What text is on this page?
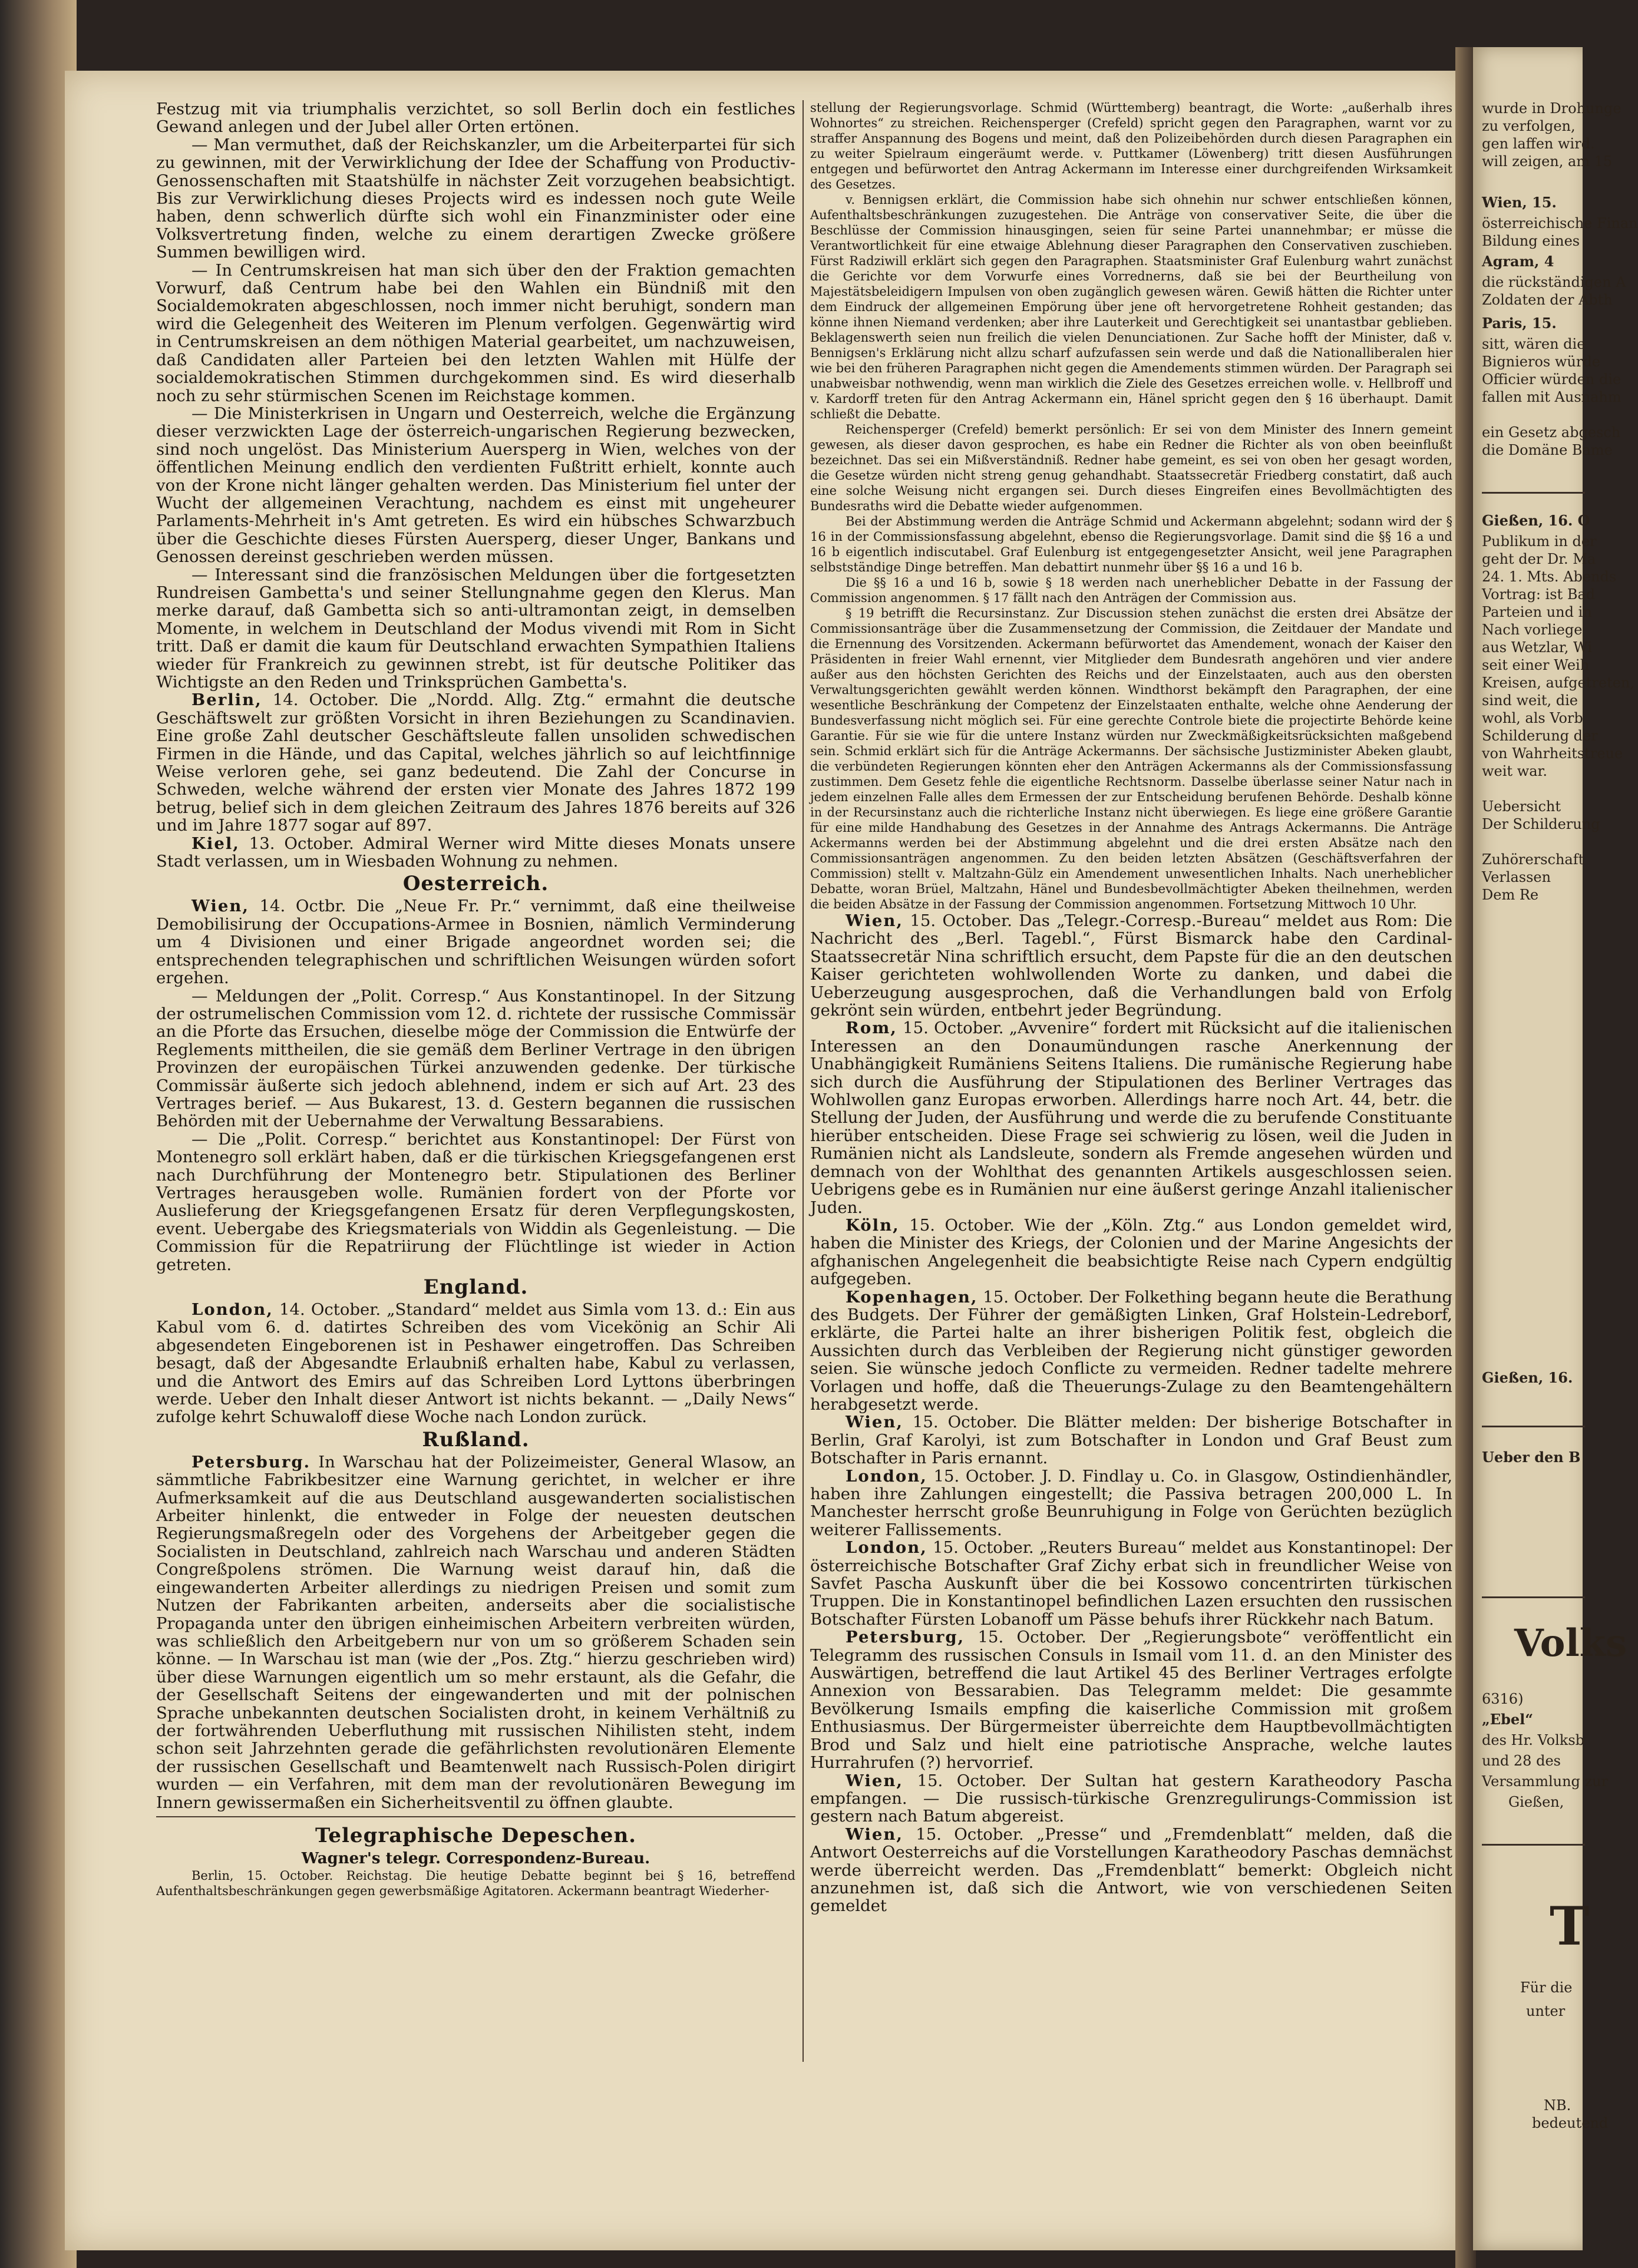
Festzug mit via triumphalis verzichtet, so soll Berlin doch ein festliches Gewand anlegen und der Jubel aller Orten ertönen.

— Man vermuthet, daß der Reichskanzler, um die Arbeiterpartei für sich zu gewinnen, mit der Verwirklichung der Idee der Schaffung von Productiv-Genossenschaften mit Staatshülfe in nächster Zeit vorzugehen beabsichtigt. Bis zur Verwirklichung dieses Projects wird es indessen noch gute Weile haben, denn schwerlich dürfte sich wohl ein Finanzminister oder eine Volksvertretung finden, welche zu einem derartigen Zwecke größere Summen bewilligen wird.

— In Centrumskreisen hat man sich über den der Fraktion gemachten Vorwurf, daß Centrum habe bei den Wahlen ein Bündniß mit den Socialdemokraten abgeschlossen, noch immer nicht beruhigt, sondern man wird die Gelegenheit des Weiteren im Plenum verfolgen. Gegenwärtig wird in Centrumskreisen an dem nöthigen Material gearbeitet, um nachzuweisen, daß Candidaten aller Parteien bei den letzten Wahlen mit Hülfe der socialdemokratischen Stimmen durchgekommen sind. Es wird dieserhalb noch zu sehr stürmischen Scenen im Reichstage kommen.

— Die Ministerkrisen in Ungarn und Oesterreich, welche die Ergänzung dieser verzwickten Lage der österreich-ungarischen Regierung bezwecken, sind noch ungelöst. Das Ministerium Auersperg in Wien, welches von der öffentlichen Meinung endlich den verdienten Fußtritt erhielt, konnte auch von der Krone nicht länger gehalten werden. Das Ministerium fiel unter der Wucht der allgemeinen Verachtung, nachdem es einst mit ungeheurer Parlaments-Mehrheit in's Amt getreten. Es wird ein hübsches Schwarzbuch über die Geschichte dieses Fürsten Auersperg, dieser Unger, Bankans und Genossen dereinst geschrieben werden müssen.

— Interessant sind die französischen Meldungen über die fortgesetzten Rundreisen Gambetta's und seiner Stellungnahme gegen den Klerus. Man merke darauf, daß Gambetta sich so anti-ultramontan zeigt, in demselben Momente, in welchem in Deutschland der Modus vivendi mit Rom in Sicht tritt. Daß er damit die kaum für Deutschland erwachten Sympathien Italiens wieder für Frankreich zu gewinnen strebt, ist für deutsche Politiker das Wichtigste an den Reden und Trinksprüchen Gambetta's.

Berlin, 14. October. Die „Nordd. Allg. Ztg.“ ermahnt die deutsche Geschäftswelt zur größten Vorsicht in ihren Beziehungen zu Scandinavien. Eine große Zahl deutscher Geschäftsleute fallen unsoliden schwedischen Firmen in die Hände, und das Capital, welches jährlich so auf leichtfinnige Weise verloren gehe, sei ganz bedeutend. Die Zahl der Concurse in Schweden, welche während der ersten vier Monate des Jahres 1872 199 betrug, belief sich in dem gleichen Zeitraum des Jahres 1876 bereits auf 326 und im Jahre 1877 sogar auf 897.

Kiel, 13. October. Admiral Werner wird Mitte dieses Monats unsere Stadt verlassen, um in Wiesbaden Wohnung zu nehmen.

Oesterreich.

Wien, 14. Octbr. Die „Neue Fr. Pr.“ vernimmt, daß eine theilweise Demobilisirung der Occupations-Armee in Bosnien, nämlich Verminderung um 4 Divisionen und einer Brigade angeordnet worden sei; die entsprechenden telegraphischen und schriftlichen Weisungen würden sofort ergehen.

— Meldungen der „Polit. Corresp.“ Aus Konstantinopel. In der Sitzung der ostrumelischen Commission vom 12. d. richtete der russische Commissär an die Pforte das Ersuchen, dieselbe möge der Commission die Entwürfe der Reglements mittheilen, die sie gemäß dem Berliner Vertrage in den übrigen Provinzen der europäischen Türkei anzuwenden gedenke. Der türkische Commissär äußerte sich jedoch ablehnend, indem er sich auf Art. 23 des Vertrages berief. — Aus Bukarest, 13. d. Gestern begannen die russischen Behörden mit der Uebernahme der Verwaltung Bessarabiens.

— Die „Polit. Corresp.“ berichtet aus Konstantinopel: Der Fürst von Montenegro soll erklärt haben, daß er die türkischen Kriegsgefangenen erst nach Durchführung der Montenegro betr. Stipulationen des Berliner Vertrages herausgeben wolle. Rumänien fordert von der Pforte vor Auslieferung der Kriegsgefangenen Ersatz für deren Verpflegungskosten, event. Uebergabe des Kriegsmaterials von Widdin als Gegenleistung. — Die Commission für die Repatriirung der Flüchtlinge ist wieder in Action getreten.

England.

London, 14. October. „Standard“ meldet aus Simla vom 13. d.: Ein aus Kabul vom 6. d. datirtes Schreiben des vom Vicekönig an Schir Ali abgesendeten Eingeborenen ist in Peshawer eingetroffen. Das Schreiben besagt, daß der Abgesandte Erlaubniß erhalten habe, Kabul zu verlassen, und die Antwort des Emirs auf das Schreiben Lord Lyttons überbringen werde. Ueber den Inhalt dieser Antwort ist nichts bekannt. — „Daily News“ zufolge kehrt Schuwaloff diese Woche nach London zurück.

Rußland.

Petersburg. In Warschau hat der Polizeimeister, General Wlasow, an sämmtliche Fabrikbesitzer eine Warnung gerichtet, in welcher er ihre Aufmerksamkeit auf die aus Deutschland ausgewanderten socialistischen Arbeiter hinlenkt, die entweder in Folge der neuesten deutschen Regierungsmaßregeln oder des Vorgehens der Arbeitgeber gegen die Socialisten in Deutschland, zahlreich nach Warschau und anderen Städten Congreßpolens strömen. Die Warnung weist darauf hin, daß die eingewanderten Arbeiter allerdings zu niedrigen Preisen und somit zum Nutzen der Fabrikanten arbeiten, anderseits aber die socialistische Propaganda unter den übrigen einheimischen Arbeitern verbreiten würden, was schließlich den Arbeitgebern nur von um so größerem Schaden sein könne. — In Warschau ist man (wie der „Pos. Ztg.“ hierzu geschrieben wird) über diese Warnungen eigentlich um so mehr erstaunt, als die Gefahr, die der Gesellschaft Seitens der eingewanderten und mit der polnischen Sprache unbekannten deutschen Socialisten droht, in keinem Verhältniß zu der fortwährenden Ueberfluthung mit russischen Nihilisten steht, indem schon seit Jahrzehnten gerade die gefährlichsten revolutionären Elemente der russischen Gesellschaft und Beamtenwelt nach Russisch-Polen dirigirt wurden — ein Verfahren, mit dem man der revolutionären Bewegung im Innern gewissermaßen ein Sicherheitsventil zu öffnen glaubte.

Telegraphische Depeschen.
Wagner's telegr. Correspondenz-Bureau.

Berlin, 15. October. Reichstag. Die heutige Debatte beginnt bei § 16, betreffend Aufenthaltsbeschränkungen gegen gewerbsmäßige Agitatoren. Ackermann beantragt Wiederher-

stellung der Regierungsvorlage. Schmid (Württemberg) beantragt, die Worte: „außerhalb ihres Wohnortes“ zu streichen. Reichensperger (Crefeld) spricht gegen den Paragraphen, warnt vor zu straffer Anspannung des Bogens und meint, daß den Polizeibehörden durch diesen Paragraphen ein zu weiter Spielraum eingeräumt werde. v. Puttkamer (Löwenberg) tritt diesen Ausführungen entgegen und befürwortet den Antrag Ackermann im Interesse einer durchgreifenden Wirksamkeit des Gesetzes.

v. Bennigsen erklärt, die Commission habe sich ohnehin nur schwer entschließen können, Aufenthaltsbeschränkungen zuzugestehen. Die Anträge von conservativer Seite, die über die Beschlüsse der Commission hinausgingen, seien für seine Partei unannehmbar; er müsse die Verantwortlichkeit für eine etwaige Ablehnung dieser Paragraphen den Conservativen zuschieben. Fürst Radziwill erklärt sich gegen den Paragraphen. Staatsminister Graf Eulenburg wahrt zunächst die Gerichte vor dem Vorwurfe eines Vorrednerns, daß sie bei der Beurtheilung von Majestätsbeleidigern Impulsen von oben zugänglich gewesen wären. Gewiß hätten die Richter unter dem Eindruck der allgemeinen Empörung über jene oft hervorgetretene Rohheit gestanden; das könne ihnen Niemand verdenken; aber ihre Lauterkeit und Gerechtigkeit sei unantastbar geblieben. Beklagenswerth seien nun freilich die vielen Denunciationen. Zur Sache hofft der Minister, daß v. Bennigsen's Erklärung nicht allzu scharf aufzufassen sein werde und daß die Nationalliberalen hier wie bei den früheren Paragraphen nicht gegen die Amendements stimmen würden. Der Paragraph sei unabweisbar nothwendig, wenn man wirklich die Ziele des Gesetzes erreichen wolle. v. Hellbroff und v. Kardorff treten für den Antrag Ackermann ein, Hänel spricht gegen den § 16 überhaupt. Damit schließt die Debatte.

Reichensperger (Crefeld) bemerkt persönlich: Er sei von dem Minister des Innern gemeint gewesen, als dieser davon gesprochen, es habe ein Redner die Richter als von oben beeinflußt bezeichnet. Das sei ein Mißverständniß. Redner habe gemeint, es sei von oben her gesagt worden, die Gesetze würden nicht streng genug gehandhabt. Staatssecretär Friedberg constatirt, daß auch eine solche Weisung nicht ergangen sei. Durch dieses Eingreifen eines Bevollmächtigten des Bundesraths wird die Debatte wieder aufgenommen.

Bei der Abstimmung werden die Anträge Schmid und Ackermann abgelehnt; sodann wird der § 16 in der Commissionsfassung abgelehnt, ebenso die Regierungsvorlage. Damit sind die §§ 16 a und 16 b eigentlich indiscutabel. Graf Eulenburg ist entgegengesetzter Ansicht, weil jene Paragraphen selbstständige Dinge betreffen. Man debattirt nunmehr über §§ 16 a und 16 b.

Die §§ 16 a und 16 b, sowie § 18 werden nach unerheblicher Debatte in der Fassung der Commission angenommen. § 17 fällt nach den Anträgen der Commission aus.

§ 19 betrifft die Recursinstanz. Zur Discussion stehen zunächst die ersten drei Absätze der Commissionsanträge über die Zusammensetzung der Commission, die Zeitdauer der Mandate und die Ernennung des Vorsitzenden. Ackermann befürwortet das Amendement, wonach der Kaiser den Präsidenten in freier Wahl ernennt, vier Mitglieder dem Bundesrath angehören und vier andere außer aus den höchsten Gerichten des Reichs und der Einzelstaaten, auch aus den obersten Verwaltungsgerichten gewählt werden können. Windthorst bekämpft den Paragraphen, der eine wesentliche Beschränkung der Competenz der Einzelstaaten enthalte, welche ohne Aenderung der Bundesverfassung nicht möglich sei. Für eine gerechte Controle biete die projectirte Behörde keine Garantie. Für sie wie für die untere Instanz würden nur Zweckmäßigkeitsrücksichten maßgebend sein. Schmid erklärt sich für die Anträge Ackermanns. Der sächsische Justizminister Abeken glaubt, die verbündeten Regierungen könnten eher den Anträgen Ackermanns als der Commissionsfassung zustimmen. Dem Gesetz fehle die eigentliche Rechtsnorm. Dasselbe überlasse seiner Natur nach in jedem einzelnen Falle alles dem Ermessen der zur Entscheidung berufenen Behörde. Deshalb könne in der Recursinstanz auch die richterliche Instanz nicht überwiegen. Es liege eine größere Garantie für eine milde Handhabung des Gesetzes in der Annahme des Antrags Ackermanns. Die Anträge Ackermanns werden bei der Abstimmung abgelehnt und die drei ersten Absätze nach den Commissionsanträgen angenommen. Zu den beiden letzten Absätzen (Geschäftsverfahren der Commission) stellt v. Maltzahn-Gülz ein Amendement unwesentlichen Inhalts. Nach unerheblicher Debatte, woran Brüel, Maltzahn, Hänel und Bundesbevollmächtigter Abeken theilnehmen, werden die beiden Absätze in der Fassung der Commission angenommen. Fortsetzung Mittwoch 10 Uhr.

Wien, 15. October. Das „Telegr.-Corresp.-Bureau“ meldet aus Rom: Die Nachricht des „Berl. Tagebl.“, Fürst Bismarck habe den Cardinal-Staatssecretär Nina schriftlich ersucht, dem Papste für die an den deutschen Kaiser gerichteten wohlwollenden Worte zu danken, und dabei die Ueberzeugung ausgesprochen, daß die Verhandlungen bald von Erfolg gekrönt sein würden, entbehrt jeder Begründung.

Rom, 15. October. „Avvenire“ fordert mit Rücksicht auf die italienischen Interessen an den Donaumündungen rasche Anerkennung der Unabhängigkeit Rumäniens Seitens Italiens. Die rumänische Regierung habe sich durch die Ausführung der Stipulationen des Berliner Vertrages das Wohlwollen ganz Europas erworben. Allerdings harre noch Art. 44, betr. die Stellung der Juden, der Ausführung und werde die zu berufende Constituante hierüber entscheiden. Diese Frage sei schwierig zu lösen, weil die Juden in Rumänien nicht als Landsleute, sondern als Fremde angesehen würden und demnach von der Wohlthat des genannten Artikels ausgeschlossen seien. Uebrigens gebe es in Rumänien nur eine äußerst geringe Anzahl italienischer Juden.

Köln, 15. October. Wie der „Köln. Ztg.“ aus London gemeldet wird, haben die Minister des Kriegs, der Colonien und der Marine Angesichts der afghanischen Angelegenheit die beabsichtigte Reise nach Cypern endgültig aufgegeben.

Kopenhagen, 15. October. Der Folkething begann heute die Berathung des Budgets. Der Führer der gemäßigten Linken, Graf Holstein-Ledreborf, erklärte, die Partei halte an ihrer bisherigen Politik fest, obgleich die Aussichten durch das Verbleiben der Regierung nicht günstiger geworden seien. Sie wünsche jedoch Conflicte zu vermeiden. Redner tadelte mehrere Vorlagen und hoffe, daß die Theuerungs-Zulage zu den Beamtengehältern herabgesetzt werde.

Wien, 15. October. Die Blätter melden: Der bisherige Botschafter in Berlin, Graf Karolyi, ist zum Botschafter in London und Graf Beust zum Botschafter in Paris ernannt.

London, 15. October. J. D. Findlay u. Co. in Glasgow, Ostindienhändler, haben ihre Zahlungen eingestellt; die Passiva betragen 200,000 L. In Manchester herrscht große Beunruhigung in Folge von Gerüchten bezüglich weiterer Fallissements.

London, 15. October. „Reuters Bureau“ meldet aus Konstantinopel: Der österreichische Botschafter Graf Zichy erbat sich in freundlicher Weise von Savfet Pascha Auskunft über die bei Kossowo concentrirten türkischen Truppen. Die in Konstantinopel befindlichen Lazen ersuchten den russischen Botschafter Fürsten Lobanoff um Pässe behufs ihrer Rückkehr nach Batum.

Petersburg, 15. October. Der „Regierungsbote“ veröffentlicht ein Telegramm des russischen Consuls in Ismail vom 11. d. an den Minister des Auswärtigen, betreffend die laut Artikel 45 des Berliner Vertrages erfolgte Annexion von Bessarabien. Das Telegramm meldet: Die gesammte Bevölkerung Ismails empfing die kaiserliche Commission mit großem Enthusiasmus. Der Bürgermeister überreichte dem Hauptbevollmächtigten Brod und Salz und hielt eine patriotische Ansprache, welche lautes Hurrahrufen (?) hervorrief.

Wien, 15. October. Der Sultan hat gestern Karatheodory Pascha empfangen. — Die russisch-türkische Grenzregulirungs-Commission ist gestern nach Batum abgereist.

Wien, 15. October. „Presse“ und „Fremdenblatt“ melden, daß die Antwort Oesterreichs auf die Vorstellungen Karatheodory Paschas demnächst werde überreicht werden. Das „Fremdenblatt“ bemerkt: Obgleich nicht anzunehmen ist, daß sich die Antwort, wie von verschiedenen Seiten gemeldet

wurde in Drohunge
zu verfolgen,
gen laffen wird.
will zeigen, am 15
Wien, 15.
österreichische Finan
Bildung eines
Agram, 4
die rückständigen A
Zoldaten der Abth
Paris, 15.
sitt, wären die
Bignieros würde
Officier würden die
fallen mit Ausnahm
ein Gesetz abgesch
die Domäne Bame
Gießen, 16. O
Publikum in der
geht der Dr. Ma
24. 1. Mts. Abends
Vortrag: ist Bad
Parteien und in
Nach vorliege
aus Wetzlar, Wi
seit einer Weih
Kreisen, aufgetreten,
sind weit, die
wohl, als Vorb
Schilderung der
von Wahrheitstreue
weit war.
Uebersicht
Der Schilderung
Zuhörerschaft
Verlassen
Dem Re
Gießen, 16.
Ueber den B
Volks
6316)
„Ebel“
des Hr. Volksb
und 28 des
Versammlung zur
Gießen,
T
Für die
unter
NB.
bedeutend
